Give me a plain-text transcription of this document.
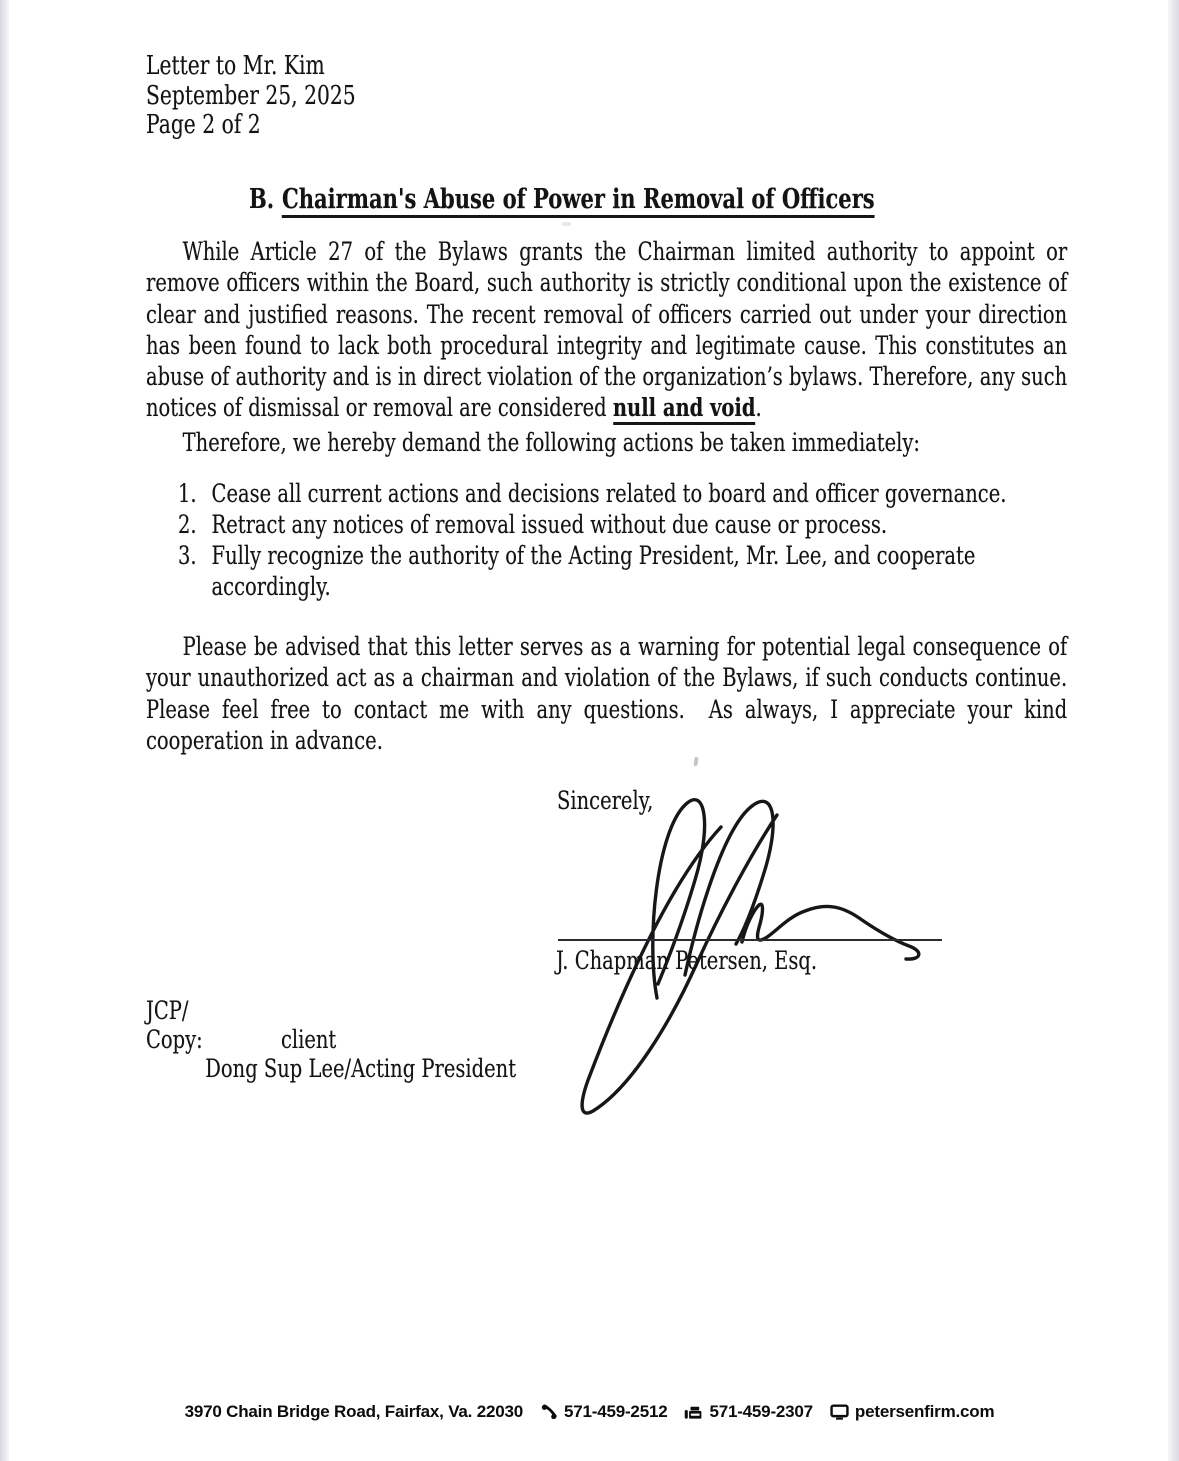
Letter to Mr. Kim
September 25, 2025
Page 2 of 2
B. Chairman's Abuse of Power in Removal of Officers
While Article 27 of the Bylaws grants the Chairman limited authority to appoint or remove officers within the Board, such authority is strictly conditional upon the existence of clear and justified reasons. The recent removal of officers carried out under your direction has been found to lack both procedural integrity and legitimate cause. This constitutes an abuse of authority and is in direct violation of the organization’s bylaws. Therefore, any such notices of dismissal or removal are considered null and void.
Therefore, we hereby demand the following actions be taken immediately:
1. Cease all current actions and decisions related to board and officer governance.
2. Retract any notices of removal issued without due cause or process.
3. Fully recognize the authority of the Acting President, Mr. Lee, and cooperate
accordingly.
Please be advised that this letter serves as a warning for potential legal consequence of your unauthorized act as a chairman and violation of the Bylaws, if such conducts continue. Please feel free to contact me with any questions.  As always, I appreciate your kind cooperation in advance.
Sincerely,
J. Chapman Petersen, Esq.
JCP/
Copy:	client
Dong Sup Lee/Acting President
3970 Chain Bridge Road, Fairfax, Va. 22030 571-459-2512 571-459-2307 petersenfirm.com
